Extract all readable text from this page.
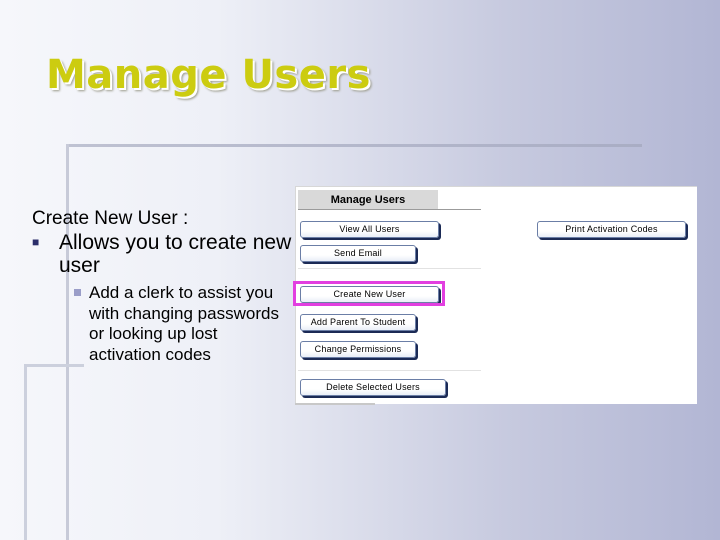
Manage Users
Create New User :
■ Allows you to create new user
Add a clerk to assist you with changing passwords or looking up lost activation codes
Manage Users
View All Users	Print Activation Codes
Send Email
Create New User
Add Parent To Student
Change Permissions
Delete Selected Users
